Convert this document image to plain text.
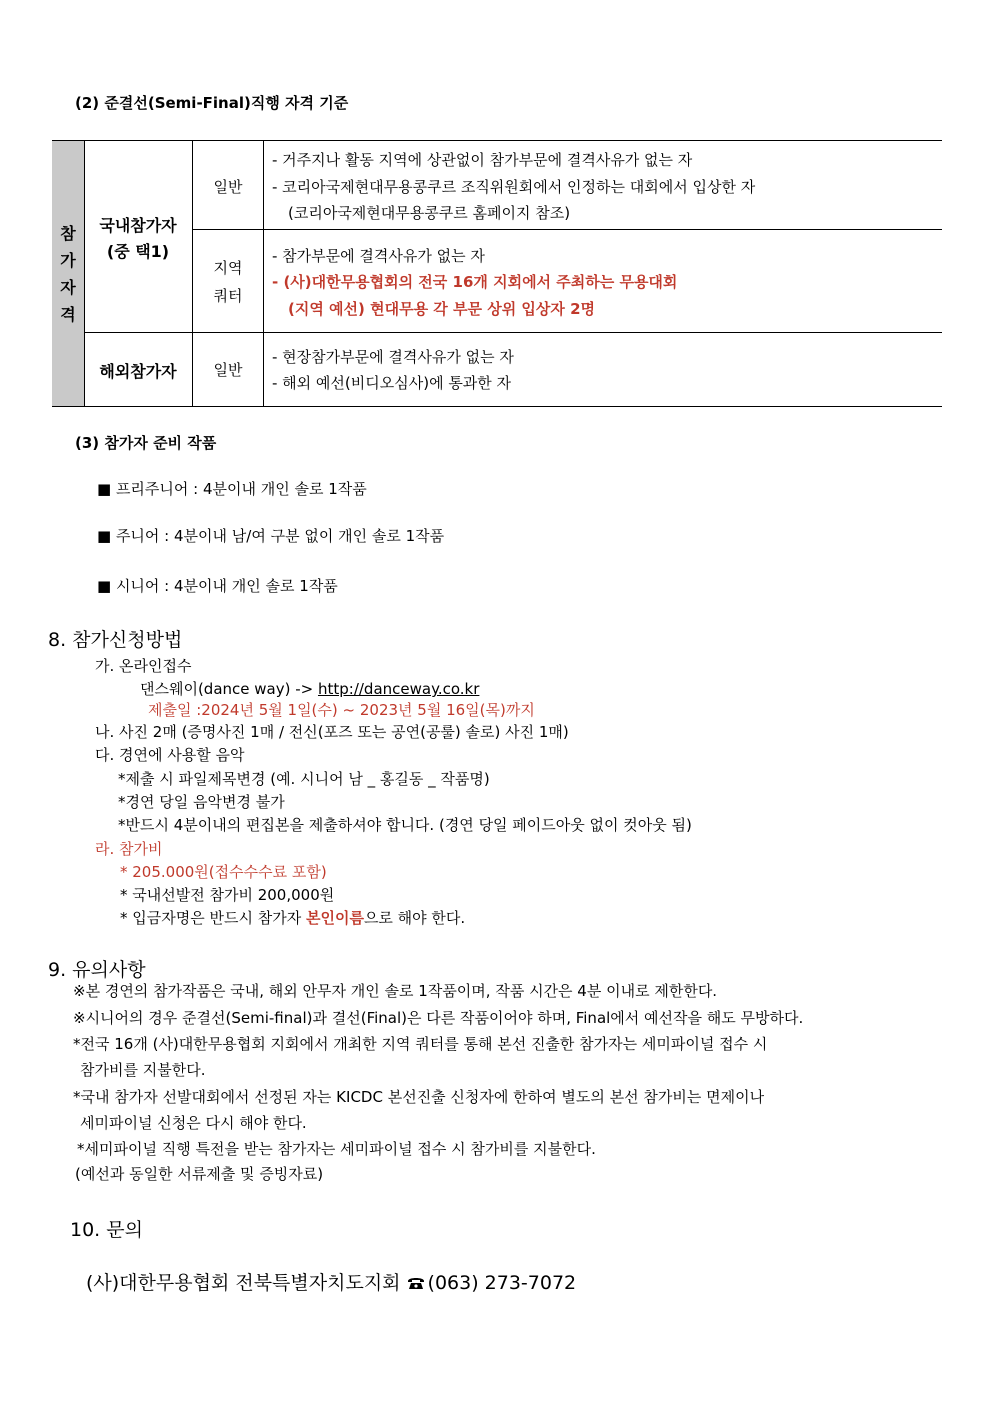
(2) 준결선(Semi-Final)직행 자격 기준
참
가
자
격
국내참가자
(중 택1)
해외참가자
일반
지역
쿼터
일반
- 거주지나 활동 지역에 상관없이 참가부문에 결격사유가 없는 자
- 코리아국제현대무용콩쿠르 조직위원회에서 인정하는 대회에서 입상한 자
(코리아국제현대무용콩쿠르 홈페이지 참조)
- 참가부문에 결격사유가 없는 자
- (사)대한무용협회의 전국 16개 지회에서 주최하는 무용대회
(지역 예선) 현대무용 각 부문 상위 입상자 2명
- 현장참가부문에 결격사유가 없는 자
- 해외 예선(비디오심사)에 통과한 자
(3) 참가자 준비 작품
■ 프리주니어 : 4분이내 개인 솔로 1작품
■ 주니어 : 4분이내 남/여 구분 없이 개인 솔로 1작품
■ 시니어 : 4분이내 개인 솔로 1작품
8. 참가신청방법
가. 온라인접수
댄스웨이(dance way) -> http://danceway.co.kr
제출일 :2024년 5월 1일(수) ~ 2023년 5월 16일(목)까지
나. 사진 2매 (증명사진 1매 / 전신(포즈 또는 공연(공룰) 솔로) 사진 1매)
다. 경연에 사용할 음악
*제출 시 파일제목변경 (예. 시니어 남 _ 홍길동 _ 작품명)
*경연 당일 음악변경 불가
*반드시 4분이내의 편집본을 제출하셔야 합니다. (경연 당일 페이드아웃 없이 컷아웃 됨)
라. 참가비
* 205.000원(접수수수료 포함)
* 국내선발전 참가비 200,000원
* 입금자명은 반드시 참가자 본인이름으로 해야 한다.
9. 유의사항
※본 경연의 참가작품은 국내, 해외 안무자 개인 솔로 1작품이며, 작품 시간은 4분 이내로 제한한다.
※시니어의 경우 준결선(Semi-final)과 결선(Final)은 다른 작품이어야 하며, Final에서 예선작을 해도 무방하다.
*전국 16개 (사)대한무용협회 지회에서 개최한 지역 쿼터를 통해 본선 진출한 참가자는 세미파이널 접수 시
참가비를 지불한다.
*국내 참가자 선발대회에서 선정된 자는 KICDC 본선진출 신청자에 한하여 별도의 본선 참가비는 면제이나
세미파이널 신청은 다시 해야 한다.
*세미파이널 직행 특전을 받는 참가자는 세미파이널 접수 시 참가비를 지불한다.
(예선과 동일한 서류제출 및 증빙자료)
10. 문의
(사)대한무용협회 전북특별자치도지회 (063) 273-7072
